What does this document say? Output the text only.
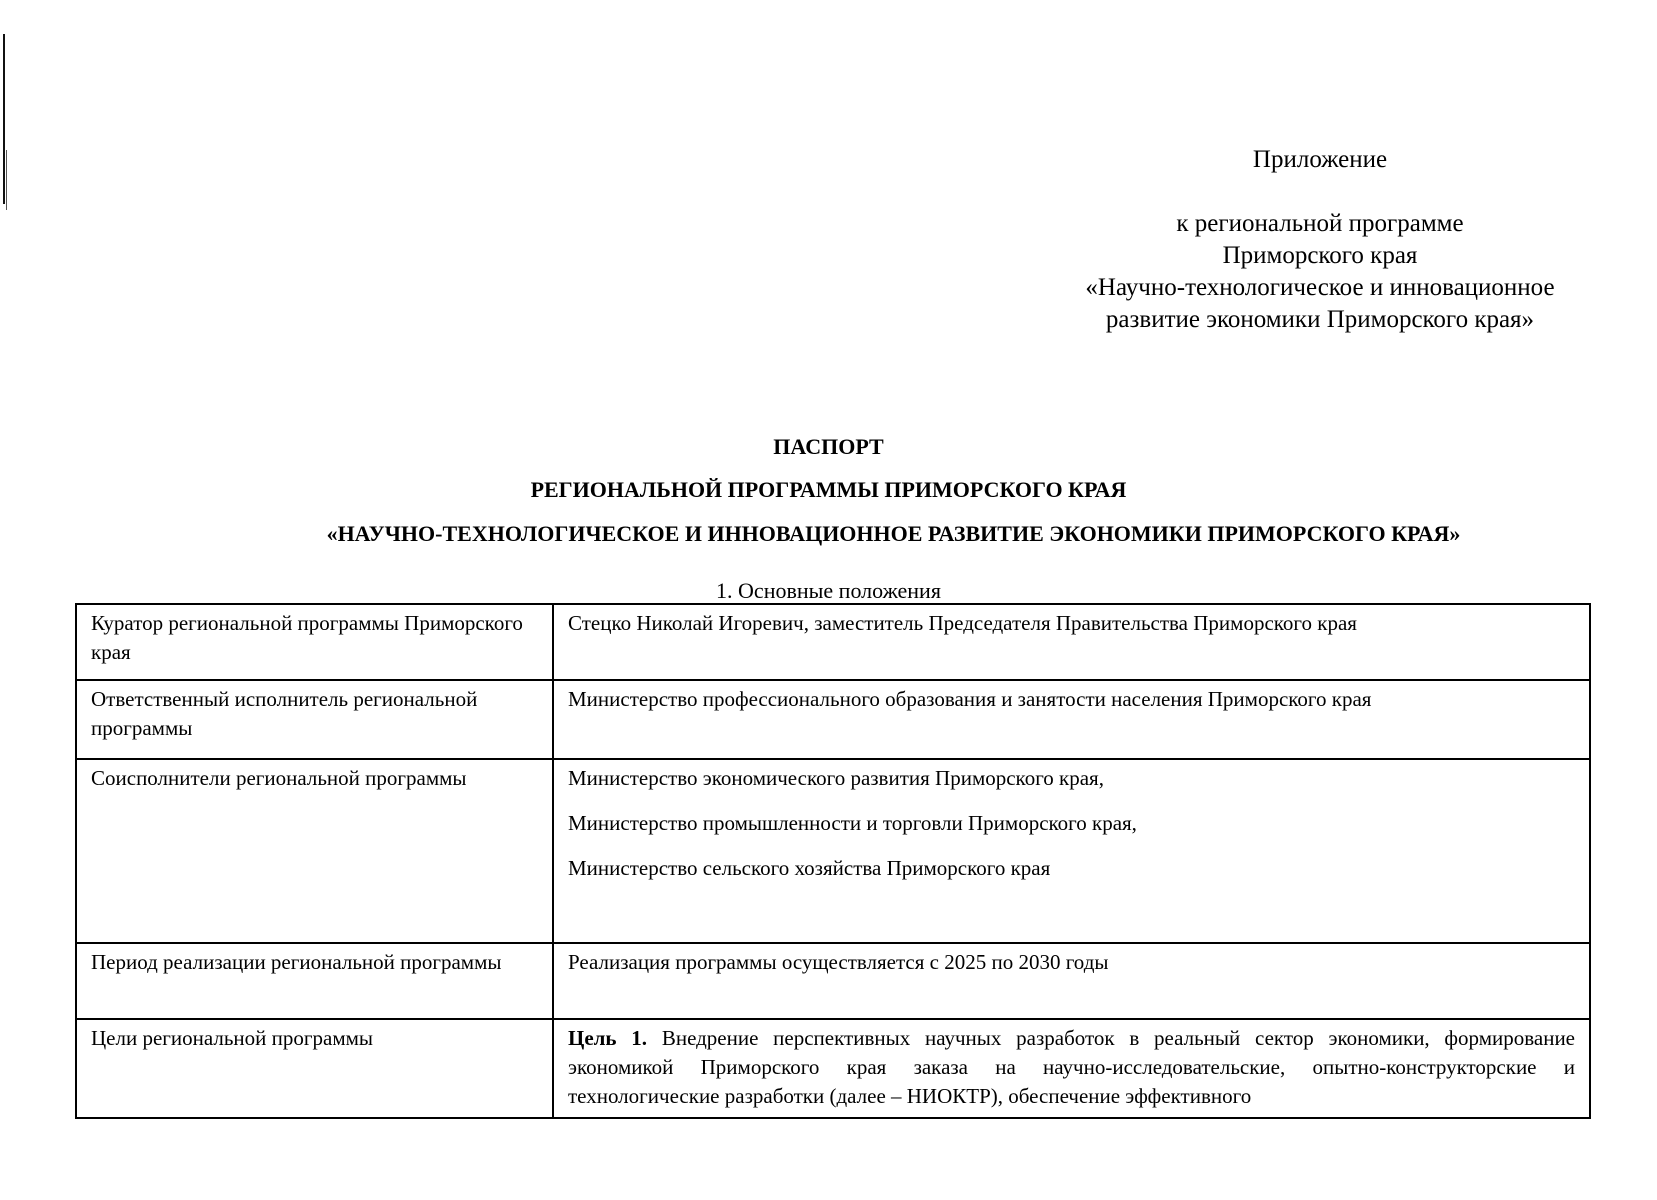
Приложение
к региональной программе
Приморского края
«Научно-технологическое и инновационное
развитие экономики Приморского края»
ПАСПОРТ
РЕГИОНАЛЬНОЙ ПРОГРАММЫ ПРИМОРСКОГО КРАЯ
«НАУЧНО-ТЕХНОЛОГИЧЕСКОЕ И ИННОВАЦИОННОЕ РАЗВИТИЕ ЭКОНОМИКИ ПРИМОРСКОГО КРАЯ»
1. Основные положения
Куратор региональной программы Приморского края	Стецко Николай Игоревич, заместитель Председателя Правительства Приморского края
Ответственный исполнитель региональной программы	Министерство профессионального образования и занятости населения Приморского края
Соисполнители региональной программы	Министерство экономического развития Приморского края,
Министерство промышленности и торговли Приморского края,
Министерство сельского хозяйства Приморского края

Период реализации региональной программы	Реализация программы осуществляется с 2025 по 2030 годы
Цели региональной программы	Цель 1. Внедрение перспективных научных разработок в реальный сектор экономики, формирование экономикой Приморского края заказа на научно-исследовательские, опытно-конструкторские и технологические разработки (далее – НИОКТР), обеспечение эффективного
